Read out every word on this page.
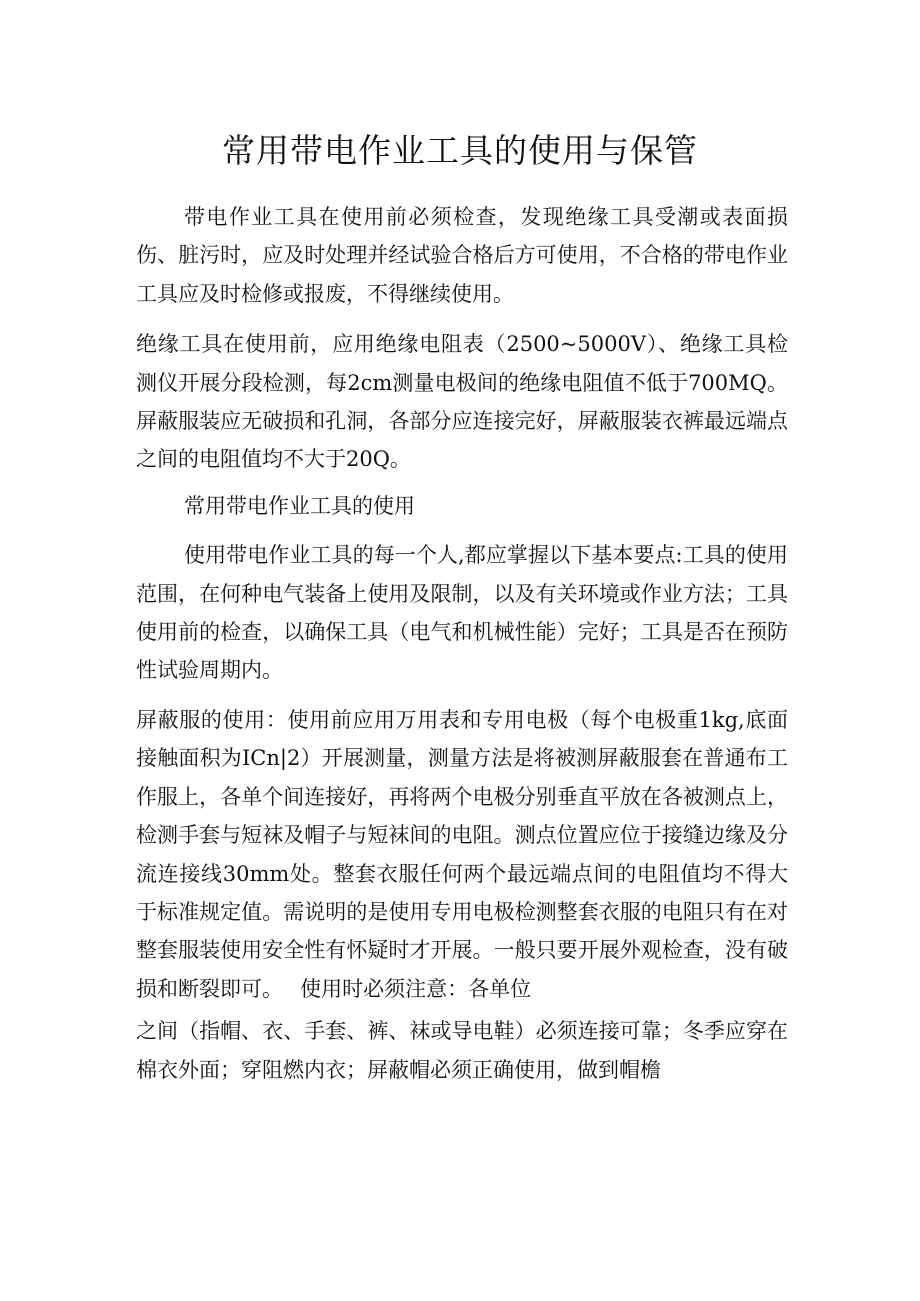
常用带电作业工具的使用与保管

带电作业工具在使用前必须检查，发现绝缘工具受潮或表面损伤、脏污时，应及时处理并经试验合格后方可使用，不合格的带电作业工具应及时检修或报废，不得继续使用。

绝缘工具在使用前，应用绝缘电阻表（2500~5000V）、绝缘工具检测仪开展分段检测，每2cm测量电极间的绝缘电阻值不低于700MQ。屏蔽服装应无破损和孔洞，各部分应连接完好，屏蔽服装衣裤最远端点之间的电阻值均不大于20Q。

常用带电作业工具的使用

使用带电作业工具的每一个人,都应掌握以下基本要点:工具的使用范围，在何种电气装备上使用及限制，以及有关环境或作业方法；工具使用前的检查，以确保工具（电气和机械性能）完好；工具是否在预防性试验周期内。

屏蔽服的使用：使用前应用万用表和专用电极（每个电极重1kg,底面接触面积为ICn|2）开展测量，测量方法是将被测屏蔽服套在普通布工作服上，各单个间连接好，再将两个电极分别垂直平放在各被测点上，检测手套与短袜及帽子与短袜间的电阻。测点位置应位于接缝边缘及分流连接线30mm处。整套衣服任何两个最远端点间的电阻值均不得大于标准规定值。需说明的是使用专用电极检测整套衣服的电阻只有在对整套服装使用安全性有怀疑时才开展。一般只要开展外观检查，没有破损和断裂即可。　 使用时必须注意：各单位

之间（指帽、衣、手套、裤、袜或导电鞋）必须连接可靠；冬季应穿在棉衣外面；穿阻燃内衣；屏蔽帽必须正确使用，做到帽檐
